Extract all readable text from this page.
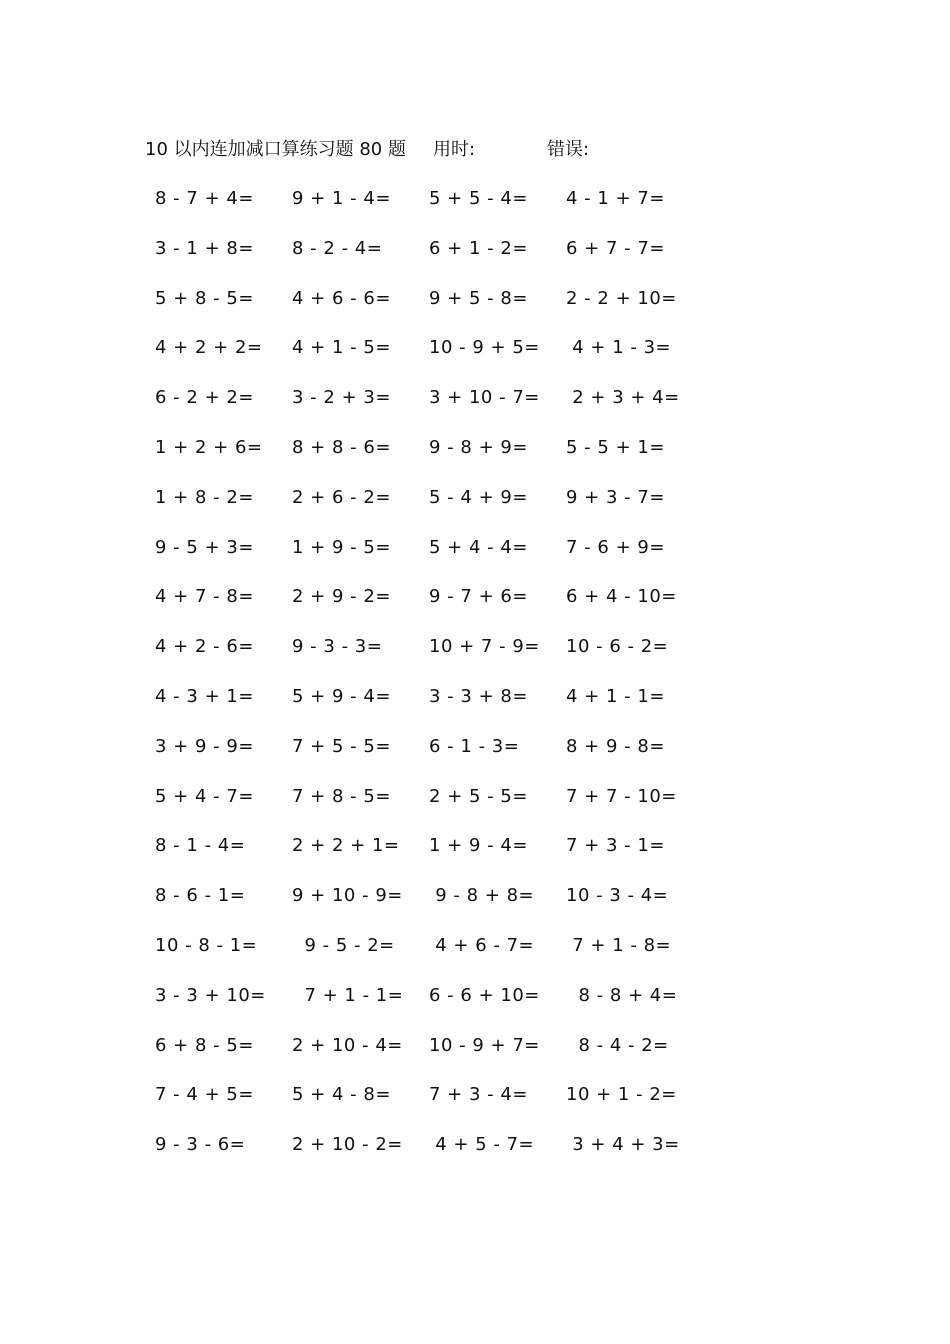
10 以内连加减口算练习题 80 题 用时:	错误:
8 - 7 + 4=	9 + 1 - 4=	5 + 5 - 4=	4 - 1 + 7=
3 - 1 + 8=	8 - 2 - 4=	6 + 1 - 2=	6 + 7 - 7=
5 + 8 - 5=	4 + 6 - 6=	9 + 5 - 8=	2 - 2 + 10=
4 + 2 + 2=	4 + 1 - 5=	10 - 9 + 5=	4 + 1 - 3=
6 - 2 + 2=	3 - 2 + 3=	3 + 10 - 7=	2 + 3 + 4=
1 + 2 + 6=	8 + 8 - 6=	9 - 8 + 9=	5 - 5 + 1=
1 + 8 - 2=	2 + 6 - 2=	5 - 4 + 9=	9 + 3 - 7=
9 - 5 + 3=	1 + 9 - 5=	5 + 4 - 4=	7 - 6 + 9=
4 + 7 - 8=	2 + 9 - 2=	9 - 7 + 6=	6 + 4 - 10=
4 + 2 - 6=	9 - 3 - 3=	10 + 7 - 9=	10 - 6 - 2=
4 - 3 + 1=	5 + 9 - 4=	3 - 3 + 8=	4 + 1 - 1=
3 + 9 - 9=	7 + 5 - 5=	6 - 1 - 3=	8 + 9 - 8=
5 + 4 - 7=	7 + 8 - 5=	2 + 5 - 5=	7 + 7 - 10=
8 - 1 - 4=	2 + 2 + 1=	1 + 9 - 4=	7 + 3 - 1=
8 - 6 - 1=	9 + 10 - 9=	9 - 8 + 8=	10 - 3 - 4=
10 - 8 - 1=	9 - 5 - 2=	4 + 6 - 7=	7 + 1 - 8=
3 - 3 + 10=	7 + 1 - 1=	6 - 6 + 10=	8 - 8 + 4=
6 + 8 - 5=	2 + 10 - 4=	10 - 9 + 7=	8 - 4 - 2=
7 - 4 + 5=	5 + 4 - 8=	7 + 3 - 4=	10 + 1 - 2=
9 - 3 - 6=	2 + 10 - 2=	4 + 5 - 7=	3 + 4 + 3=
